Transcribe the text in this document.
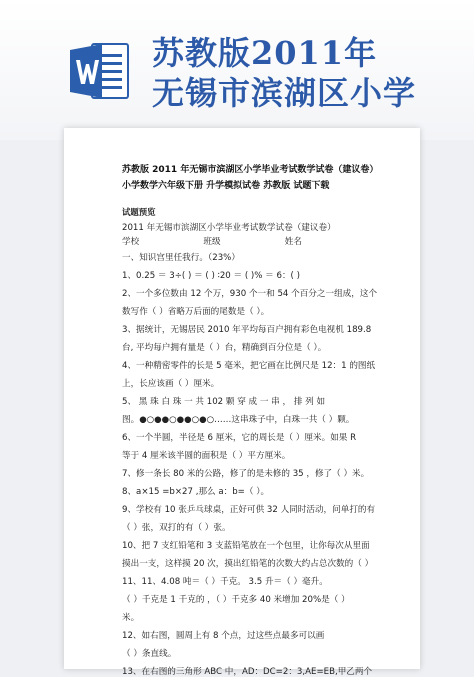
苏教版2011年
无锡市滨湖区小学
苏教版 2011 年无锡市滨湖区小学毕业考试数学试卷（建议卷） 小学数学六年级下册 升学模拟试卷 苏教版 试题下载
试题预览
2011 年无锡市滨湖区小学毕业考试数学试卷（建议卷）
学校	班级	姓名
一、知识宫里任我行。（23%）
1、0.25 ＝ 3÷( ) ＝ ( ) ∶20 ＝ ( )% ＝ 6：( )
2、一个多位数由 12 个万，930 个一和 54 个百分之一组成，这个
数写作（ ）省略万后面的尾数是（ ）。
3、据统计，无锡居民 2010 年平均每百户拥有彩色电视机 189.8
台, 平均每户拥有量是（ ）台，精确到百分位是（ ）。
4、一种精密零件的长是 5 毫米，把它画在比例尺是 12：1 的图纸
上，长应该画（ ）厘米。
5、 黑 珠 白 珠 一 共 102 颗 穿 成 一 串 ， 排 列 如
图。●○●●○●●○●○……这串珠子中，白珠一共（ ）颗。
6、一个半圆，半径是 6 厘米，它的周长是（ ）厘米。如果 R
等于 4 厘米该半圆的面积是（ ）平方厘米。
7、修一条长 80 米的公路，修了的是未修的 35 ，修了（ ）米。
8、a×15 =b×27 ,那么 a：b=（ ）。
9、学校有 10 张乒乓球桌，正好可供 32 人同时活动，问单打的有
（ ）张，双打的有（ ）张。
10、把 7 支红铅笔和 3 支蓝铅笔放在一个包里，让你每次从里面
摸出一支，这样摸 20 次，摸出红铅笔的次数大约占总次数的（ ）
11、11、4.08 吨＝（ ）千克。 3.5 升＝（ ）毫升。
（ ）千克是 1 千克的 ，（ ）千克多 40 米增加 20%是（ ）
米。
12、如右图，圆周上有 8 个点，过这些点最多可以画
（ ）条直线。
13、在右图的三角形 ABC 中，AD：DC=2：3,AE=EB,甲乙两个
